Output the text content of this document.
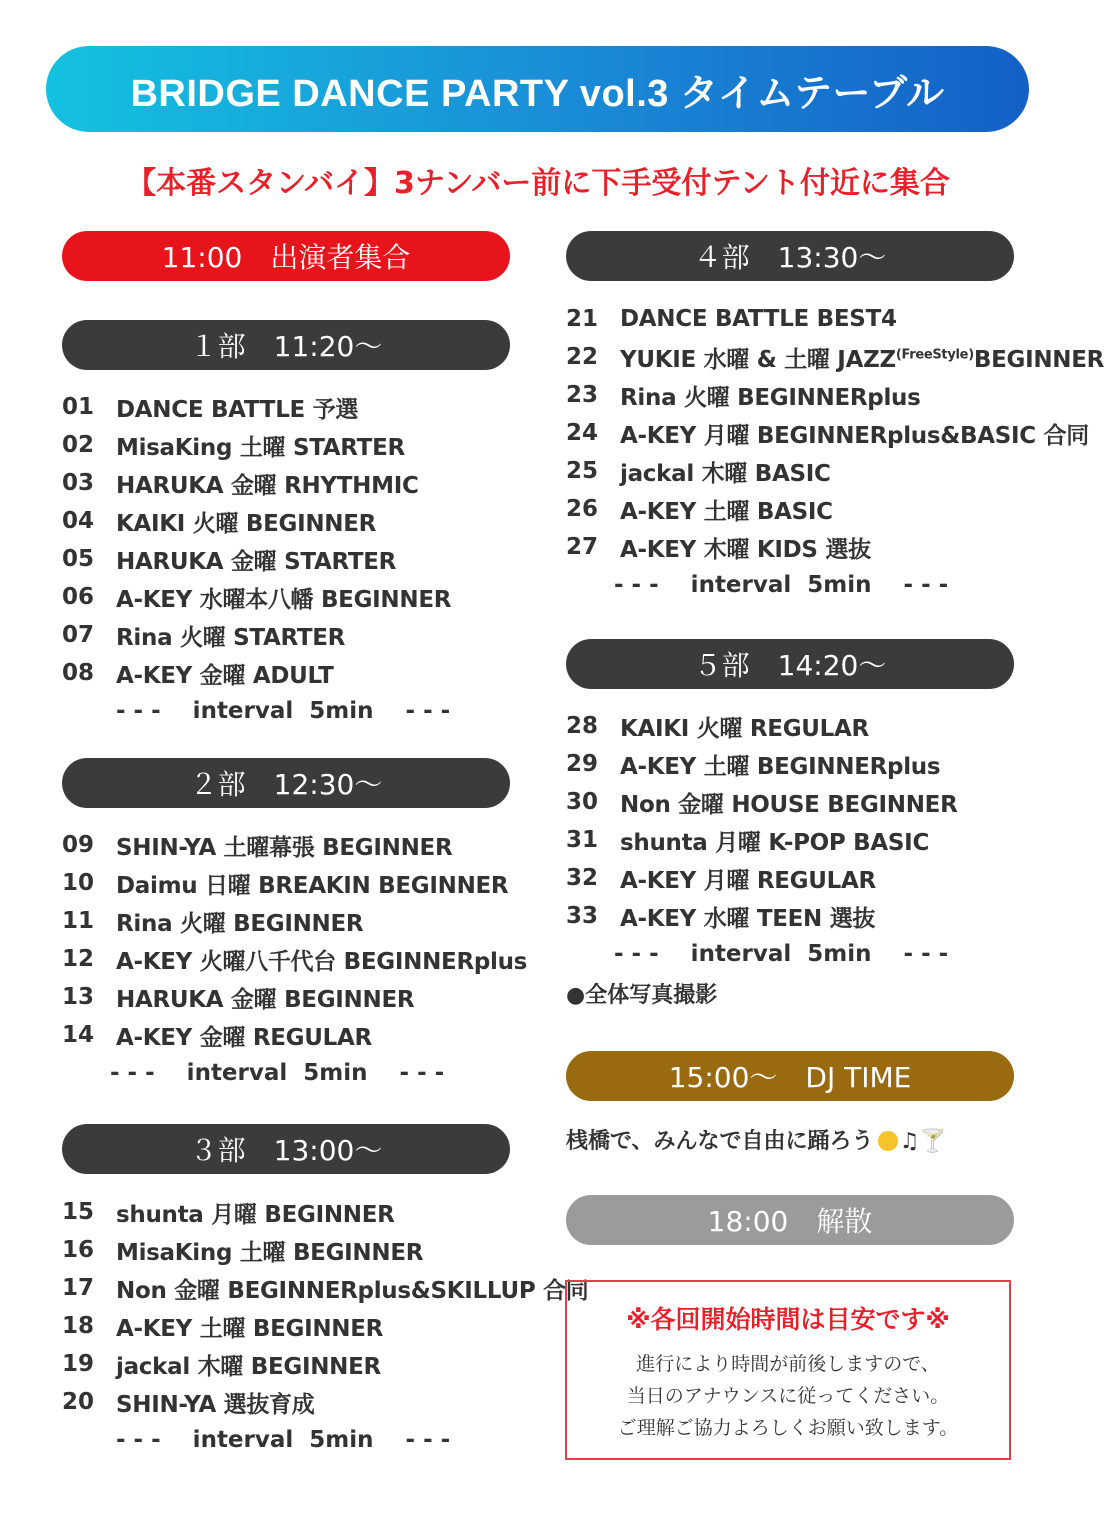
BRIDGE DANCE PARTY vol.3 タイムテーブル
【本番スタンバイ】3ナンバー前に下手受付テント付近に集合
11:00　出演者集合
１部　11:20〜
01 DANCE BATTLE 予選
02 MisaKing 土曜 STARTER
03 HARUKA 金曜 RHYTHMIC
04 KAIKI 火曜 BEGINNER
05 HARUKA 金曜 STARTER
06 A-KEY 水曜本八幡 BEGINNER
07 Rina 火曜 STARTER
08 A-KEY 金曜 ADULT
- - -    interval  5min    - - -
２部　12:30〜
09 SHIN-YA 土曜幕張 BEGINNER
10 Daimu 日曜 BREAKIN BEGINNER
11 Rina 火曜 BEGINNER
12 A-KEY 火曜八千代台 BEGINNERplus
13 HARUKA 金曜 BEGINNER
14 A-KEY 金曜 REGULAR
- - -    interval  5min    - - -
３部　13:00〜
15 shunta 月曜 BEGINNER
16 MisaKing 土曜 BEGINNER
17 Non 金曜 BEGINNERplus&SKILLUP 合同
18 A-KEY 土曜 BEGINNER
19 jackal 木曜 BEGINNER
20 SHIN-YA 選抜育成
- - -    interval  5min    - - -
４部　13:30〜
21 DANCE BATTLE BEST4
22 YUKIE 水曜 & 土曜 $JAZZ^{(FreeStyle)}BEGINNER$
23 Rina 火曜 BEGINNERplus
24 A-KEY 月曜 BEGINNERplus&BASIC 合同
25 jackal 木曜 BASIC
26 A-KEY 土曜 BASIC
27 A-KEY 木曜 KIDS 選抜
- - -    interval  5min    - - -
５部　14:20〜
28 KAIKI 火曜 REGULAR
29 A-KEY 土曜 BEGINNERplus
30 Non 金曜 HOUSE BEGINNER
31 shunta 月曜 K-POP BASIC
32 A-KEY 月曜 REGULAR
33 A-KEY 水曜 TEEN 選抜
- - -    interval  5min    - - -
●全体写真撮影
15:00〜　DJ TIME
桟橋で、みんなで自由に踊ろう ♫🍸
18:00　解散
※各回開始時間は目安です※
進行により時間が前後しますので、
当日のアナウンスに従ってください。
ご理解ご協力よろしくお願い致します。
